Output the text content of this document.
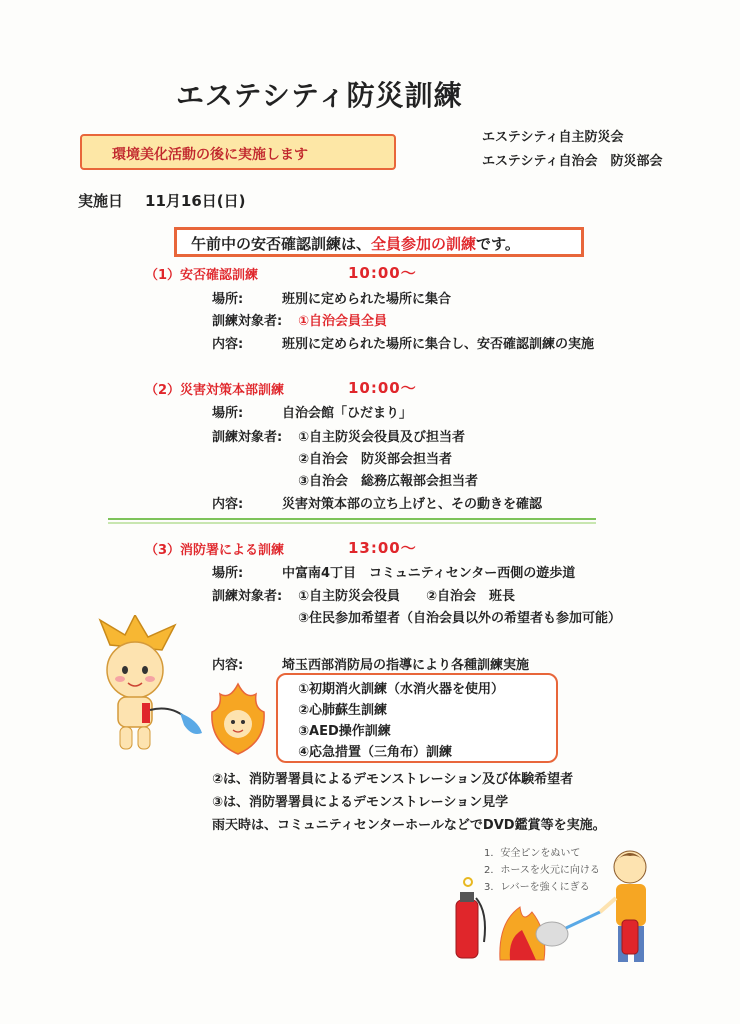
エステシティ防災訓練
エステシティ自主防災会
エステシティ自治会　防災部会
環境美化活動の後に実施します
実施日 11月16日(日)
午前中の安否確認訓練は、全員参加の訓練です。
（1）安否確認訓練	10:00～
場所:	班別に定められた場所に集合
訓練対象者: ①自治会員全員
内容:	班別に定められた場所に集合し、安否確認訓練の実施
（2）災害対策本部訓練	10:00～
場所:	自治会館「ひだまり」
訓練対象者: ①自主防災会役員及び担当者
②自治会　防災部会担当者
③自治会　総務広報部会担当者
内容:	災害対策本部の立ち上げと、その動きを確認
（3）消防署による訓練	13:00～
場所:	中富南4丁目　コミュニティセンター西側の遊歩道
訓練対象者: ①自主防災会役員　　②自治会　班長
③住民参加希望者（自治会員以外の希望者も参加可能）
内容:	埼玉西部消防局の指導により各種訓練実施
①初期消火訓練（水消火器を使用）
②心肺蘇生訓練
③AED操作訓練
④応急措置（三角布）訓練
②は、消防署署員によるデモンストレーション及び体験希望者
③は、消防署署員によるデモンストレーション見学
雨天時は、コミュニティセンターホールなどでDVD鑑賞等を実施。
1．安全ピンをぬいて
2．ホースを火元に向ける
3．レバーを強くにぎる
